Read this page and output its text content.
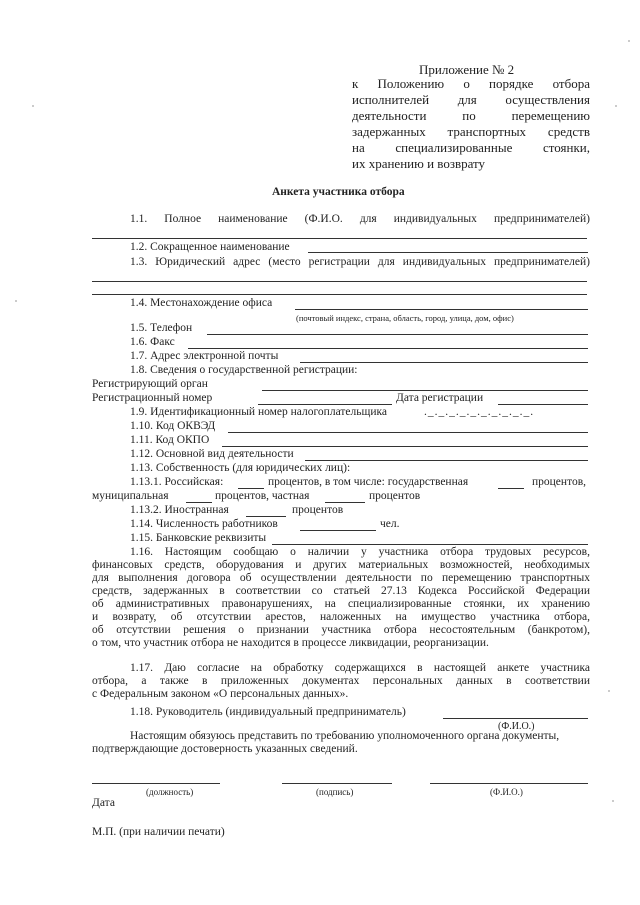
Приложение № 2
к Положению о порядке отбора
исполнителей для осуществления
деятельности по перемещению
задержанных транспортных средств
на специализированные стоянки,
их хранению и возврату
Анкета участника отбора
1.1. Полное наименование (Ф.И.О. для индивидуальных предпринимателей)
1.2. Сокращенное наименование
1.3. Юридический адрес (место регистрации для индивидуальных предпринимателей)
1.4. Местонахождение офиса
(почтовый индекс, страна, область, город, улица, дом, офис)
1.5. Телефон
1.6. Факс
1.7. Адрес электронной почты
1.8. Сведения о государственной регистрации:
Регистрирующий орган
Регистрационный номер	Дата регистрации
1.9. Идентификационный номер налогоплательщика	._._._._._._._._._._.
1.10. Код ОКВЭД
1.11. Код ОКПО
1.12. Основной вид деятельности
1.13. Собственность (для юридических лиц):
1.13.1. Российская:	процентов, в том числе: государственная	процентов,
муниципальная	процентов, частная	процентов
1.13.2. Иностранная	процентов
1.14. Численность работников	чел.
1.15. Банковские реквизиты
1.16. Настоящим сообщаю о наличии у участника отбора трудовых ресурсов,
финансовых средств, оборудования и других материальных возможностей, необходимых
для выполнения договора об осуществлении деятельности по перемещению транспортных
средств, задержанных в соответствии со статьей 27.13 Кодекса Российской Федерации
об административных правонарушениях, на специализированные стоянки, их хранению
и возврату, об отсутствии арестов, наложенных на имуществo участника отбора,
об отсутствии решения о признании участника отбора несостоятельным (банкротом),
о том, что участник отбора не находится в процессе ликвидации, реорганизации.
1.17. Даю согласие на обработку содержащихся в настоящей анкете участника
отбора, а также в приложенных документах персональных данных в соответствии
с Федеральным законом «О персональных данных».
1.18. Руководитель (индивидуальный предприниматель)
(Ф.И.О.)
Настоящим обязуюсь представить по требованию уполномоченного органа документы,
подтверждающие достоверность указанных сведений.
(должность)	(подпись)	(Ф.И.О.)
Дата
М.П. (при наличии печати)
